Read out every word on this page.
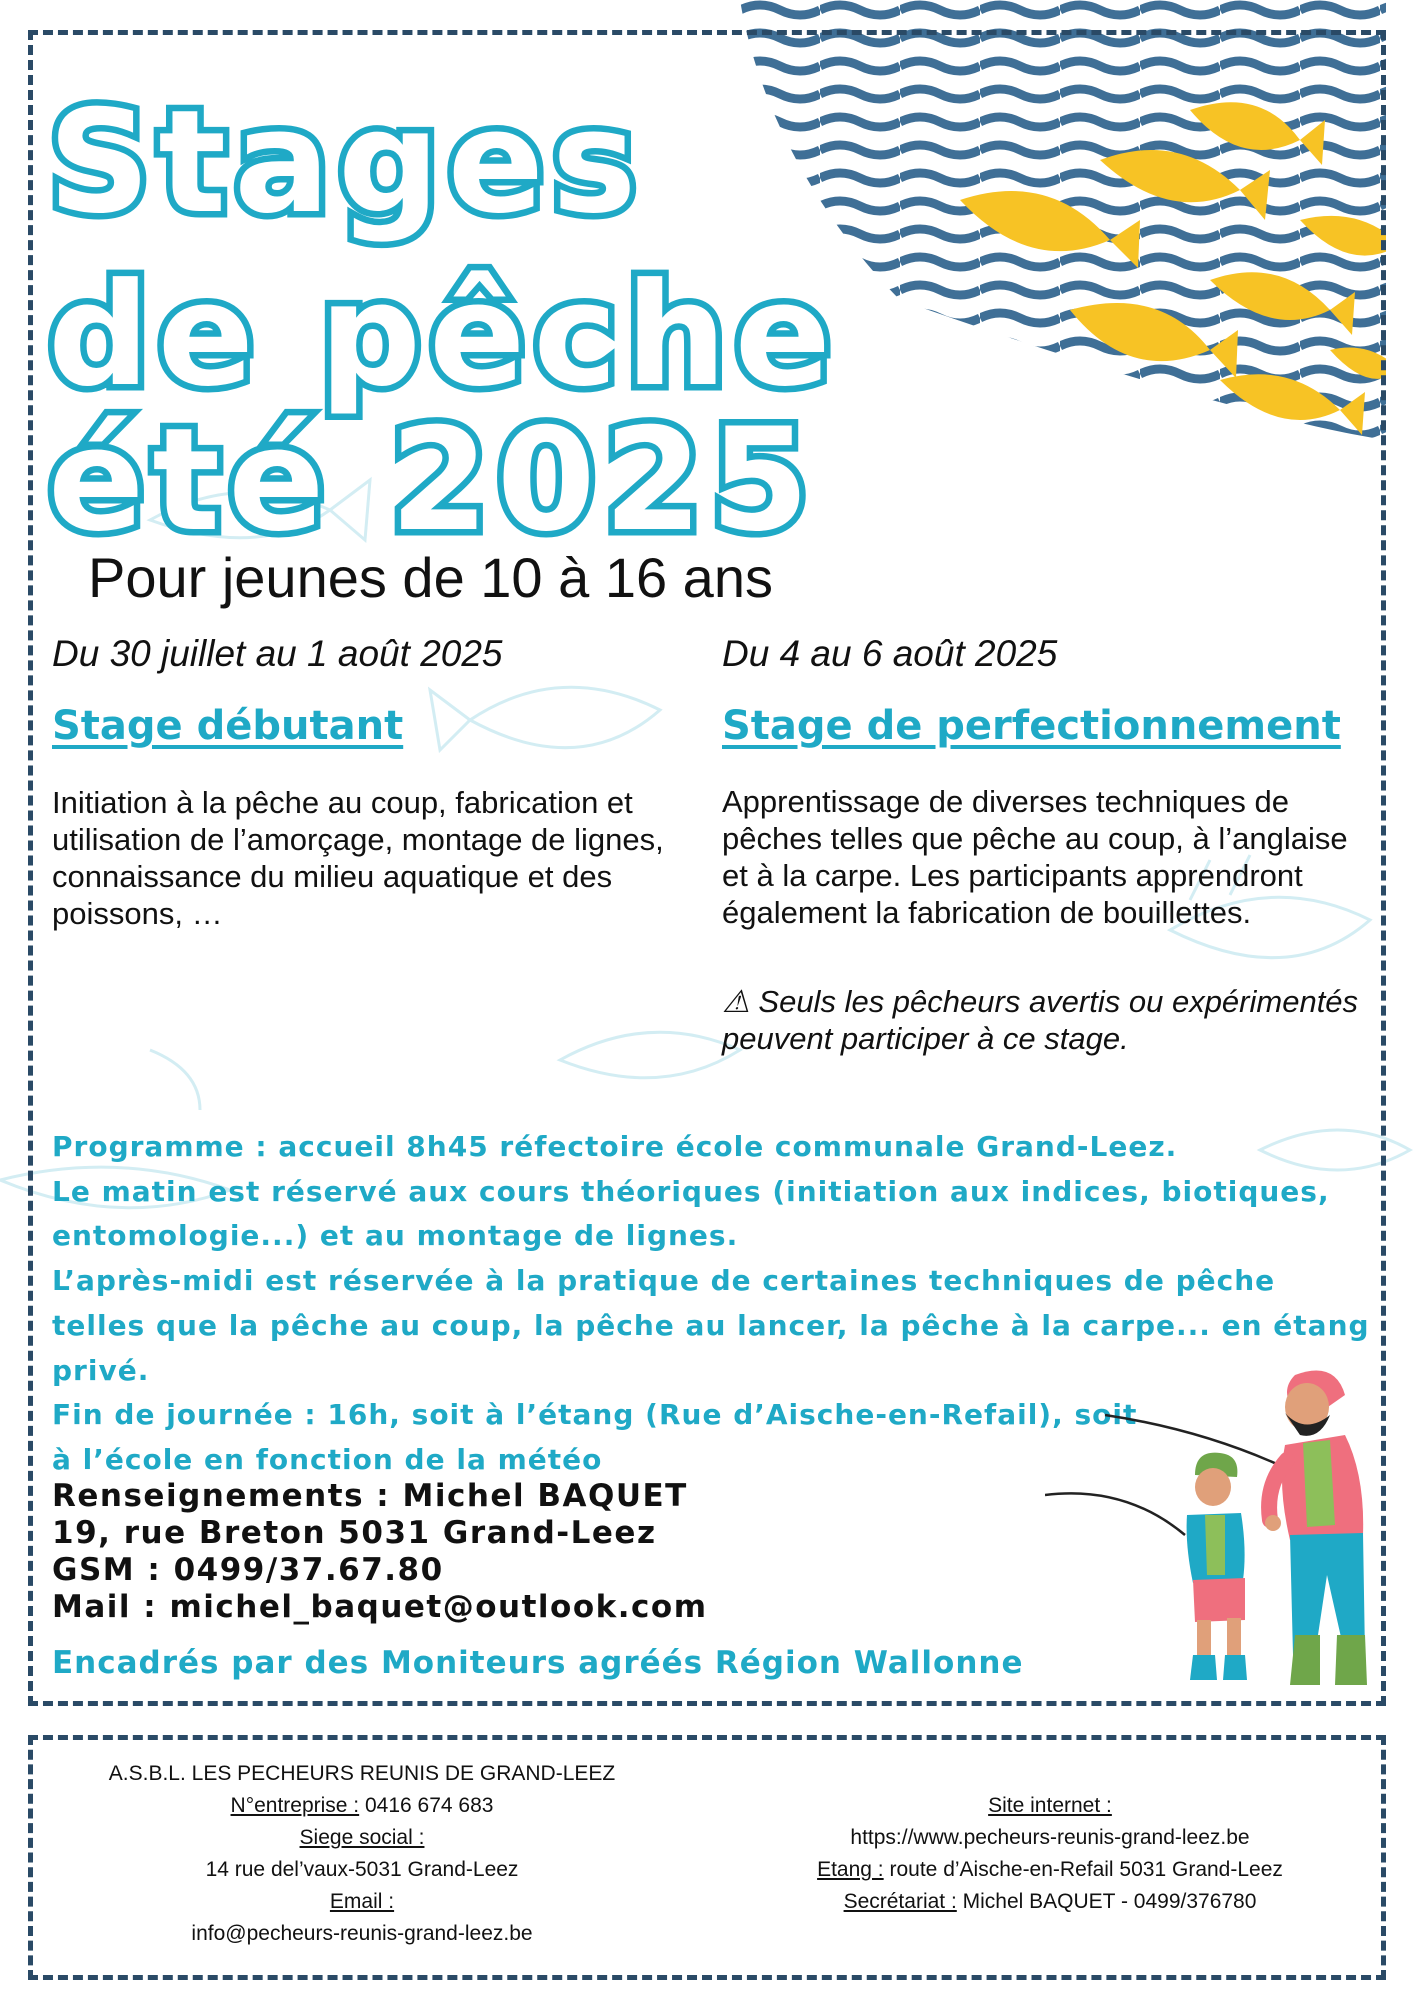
Stages
de pêche
été 2025

Pour jeunes de 10 à 16 ans

Du 30 juillet au 1 août 2025	Du 4 au 6 août 2025
Stage débutant	Stage de perfectionnement

Initiation à la pêche au coup, fabrication et utilisation de l’amorçage, montage de lignes, connaissance du milieu aquatique et des poissons, …

Apprentissage de diverses techniques de pêches telles que pêche au coup, à l’anglaise et à la carpe. Les participants apprendront également la fabrication de bouillettes.

⚠ Seuls les pêcheurs avertis ou expérimentés peuvent participer à ce stage.

Programme : accueil 8h45 réfectoire école communale Grand-Leez.
Le matin est réservé aux cours théoriques (initiation aux indices, biotiques,
entomologie...) et au montage de lignes.
L’après-midi est réservée à la pratique de certaines techniques de pêche
telles que la pêche au coup, la pêche au lancer, la pêche à la carpe... en étang
privé.
Fin de journée : 16h, soit à l’étang (Rue d’Aische-en-Refail), soit
à l’école en fonction de la météo
Renseignements : Michel BAQUET
19, rue Breton 5031 Grand-Leez
GSM : 0499/37.67.80
Mail : michel_baquet@outlook.com

Encadrés par des Moniteurs agréés Région Wallonne

A.S.B.L. LES PECHEURS REUNIS DE GRAND-LEEZ
N°entreprise : 0416 674 683
Siege social :
14 rue del’vaux-5031 Grand-Leez
Email :
info@pecheurs-reunis-grand-leez.be
Site internet :
https://www.pecheurs-reunis-grand-leez.be
Etang : route d’Aische-en-Refail 5031 Grand-Leez
Secrétariat : Michel BAQUET - 0499/376780
